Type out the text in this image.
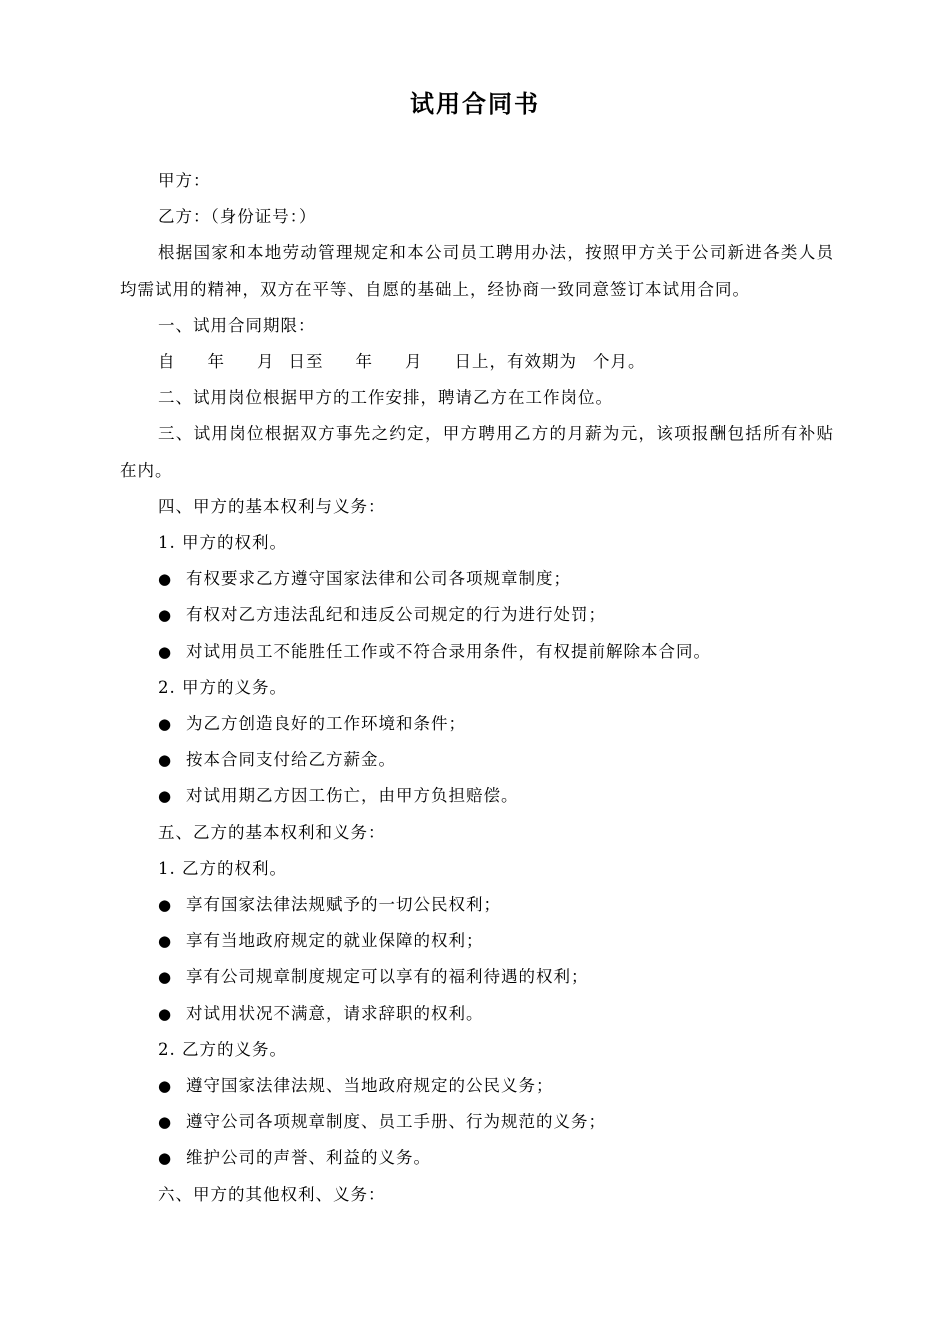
试用合同书

甲方：

乙方：（身份证号：）

根据国家和本地劳动管理规定和本公司员工聘用办法，按照甲方关于公司新进各类人员均需试用的精神，双方在平等、自愿的基础上，经协商一致同意签订本试用合同。

一、试用合同期限：

自 年 月 日至 年 月 日上，有效期为 个月。

二、试用岗位根据甲方的工作安排，聘请乙方在工作岗位。

三、试用岗位根据双方事先之约定，甲方聘用乙方的月薪为元，该项报酬包括所有补贴在内。

四、甲方的基本权利与义务：

1. 甲方的权利。

● 有权要求乙方遵守国家法律和公司各项规章制度；

● 有权对乙方违法乱纪和违反公司规定的行为进行处罚；

● 对试用员工不能胜任工作或不符合录用条件，有权提前解除本合同。

2. 甲方的义务。

● 为乙方创造良好的工作环境和条件；

● 按本合同支付给乙方薪金。

● 对试用期乙方因工伤亡，由甲方负担赔偿。

五、乙方的基本权利和义务：

1. 乙方的权利。

● 享有国家法律法规赋予的一切公民权利；

● 享有当地政府规定的就业保障的权利；

● 享有公司规章制度规定可以享有的福利待遇的权利；

● 对试用状况不满意，请求辞职的权利。

2. 乙方的义务。

● 遵守国家法律法规、当地政府规定的公民义务；

● 遵守公司各项规章制度、员工手册、行为规范的义务；

● 维护公司的声誉、利益的义务。

六、甲方的其他权利、义务：
